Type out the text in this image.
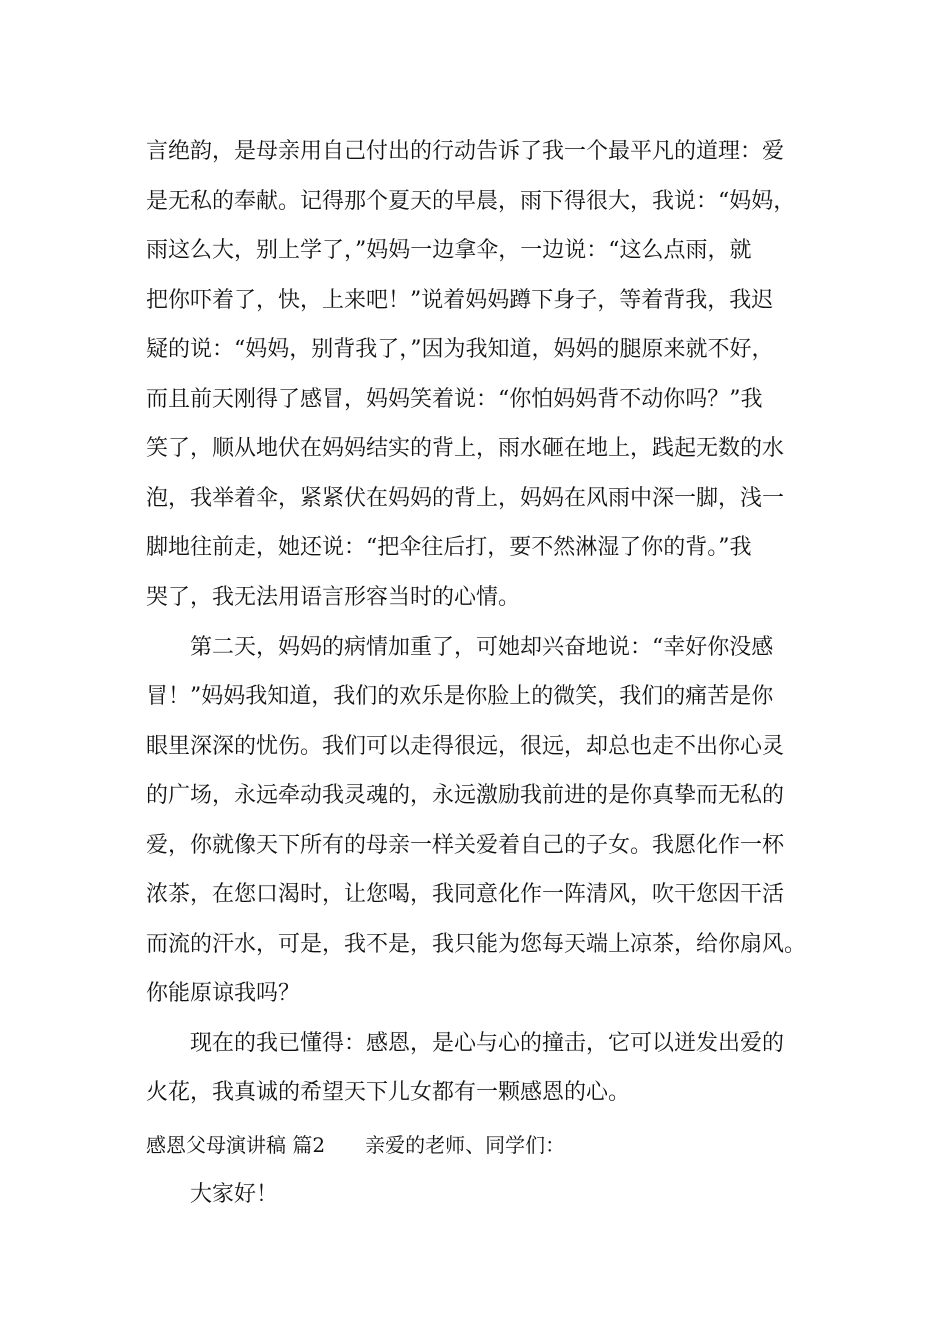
言绝韵，是母亲用自己付出的行动告诉了我一个最平凡的道理：爱
是无私的奉献。记得那个夏天的早晨，雨下得很大，我说：“妈妈，
雨这么大，别上学了，”妈妈一边拿伞，一边说：“这么点雨，就
把你吓着了，快，上来吧！”说着妈妈蹲下身子，等着背我，我迟
疑的说：“妈妈，别背我了，”因为我知道，妈妈的腿原来就不好，
而且前天刚得了感冒，妈妈笑着说：“你怕妈妈背不动你吗？”我
笑了，顺从地伏在妈妈结实的背上，雨水砸在地上，践起无数的水
泡，我举着伞，紧紧伏在妈妈的背上，妈妈在风雨中深一脚，浅一
脚地往前走，她还说：“把伞往后打，要不然淋湿了你的背。”我
哭了，我无法用语言形容当时的心情。
第二天，妈妈的病情加重了，可她却兴奋地说：“幸好你没感
冒！”妈妈我知道，我们的欢乐是你脸上的微笑，我们的痛苦是你
眼里深深的忧伤。我们可以走得很远，很远，却总也走不出你心灵
的广场，永远牵动我灵魂的，永远激励我前进的是你真挚而无私的
爱，你就像天下所有的母亲一样关爱着自己的子女。我愿化作一杯
浓茶，在您口渴时，让您喝，我同意化作一阵清风，吹干您因干活
而流的汗水，可是，我不是，我只能为您每天端上凉茶，给你扇风。
你能原谅我吗？
现在的我已懂得：感恩，是心与心的撞击，它可以迸发出爱的
火花，我真诚的希望天下儿女都有一颗感恩的心。
感恩父母演讲稿 篇2 亲爱的老师、同学们：
大家好！
